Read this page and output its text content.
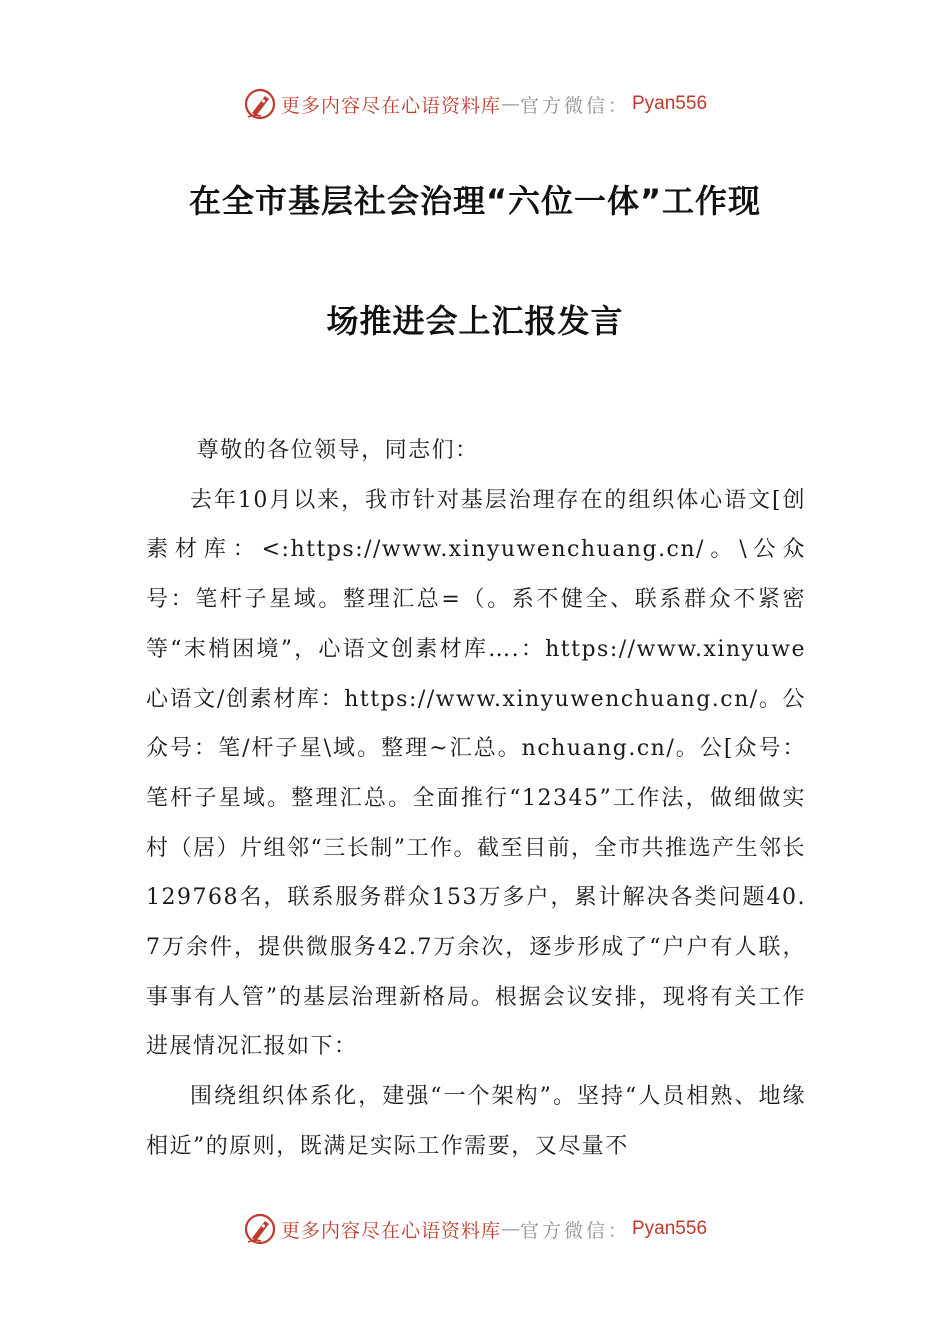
更多内容尽在心语资料库 — 官方微信： Pyan556
在全市基层社会治理“六位一体”工作现
场推进会上汇报发言

尊敬的各位领导，同志们：

去年10月以来，我市针对基层治理存在的组织体心语文[创素材库：<:https://www.xinyuwenchuang.cn/。\公众号：笔杆子星域。整理汇总=（。系不健全、联系群众不紧密等“末梢困境”，心语文创素材库….：https://www.xinyuwe心语文/创素材库：https://www.xinyuwenchuang.cn/。公众号：笔/杆子星\域。整理~汇总。nchuang.cn/。公[众号：笔杆子星域。整理汇总。全面推行“12345”工作法，做细做实村（居）片组邻“三长制”工作。截至目前，全市共推选产生邻长129768名，联系服务群众153万多户，累计解决各类问题40.7万余件，提供微服务42.7万余次，逐步形成了“户户有人联，事事有人管”的基层治理新格局。根据会议安排，现将有关工作进展情况汇报如下：

围绕组织体系化，建强“一个架构”。坚持“人员相熟、地缘相近”的原则，既满足实际工作需要，又尽量不

更多内容尽在心语资料库 — 官方微信： Pyan556
